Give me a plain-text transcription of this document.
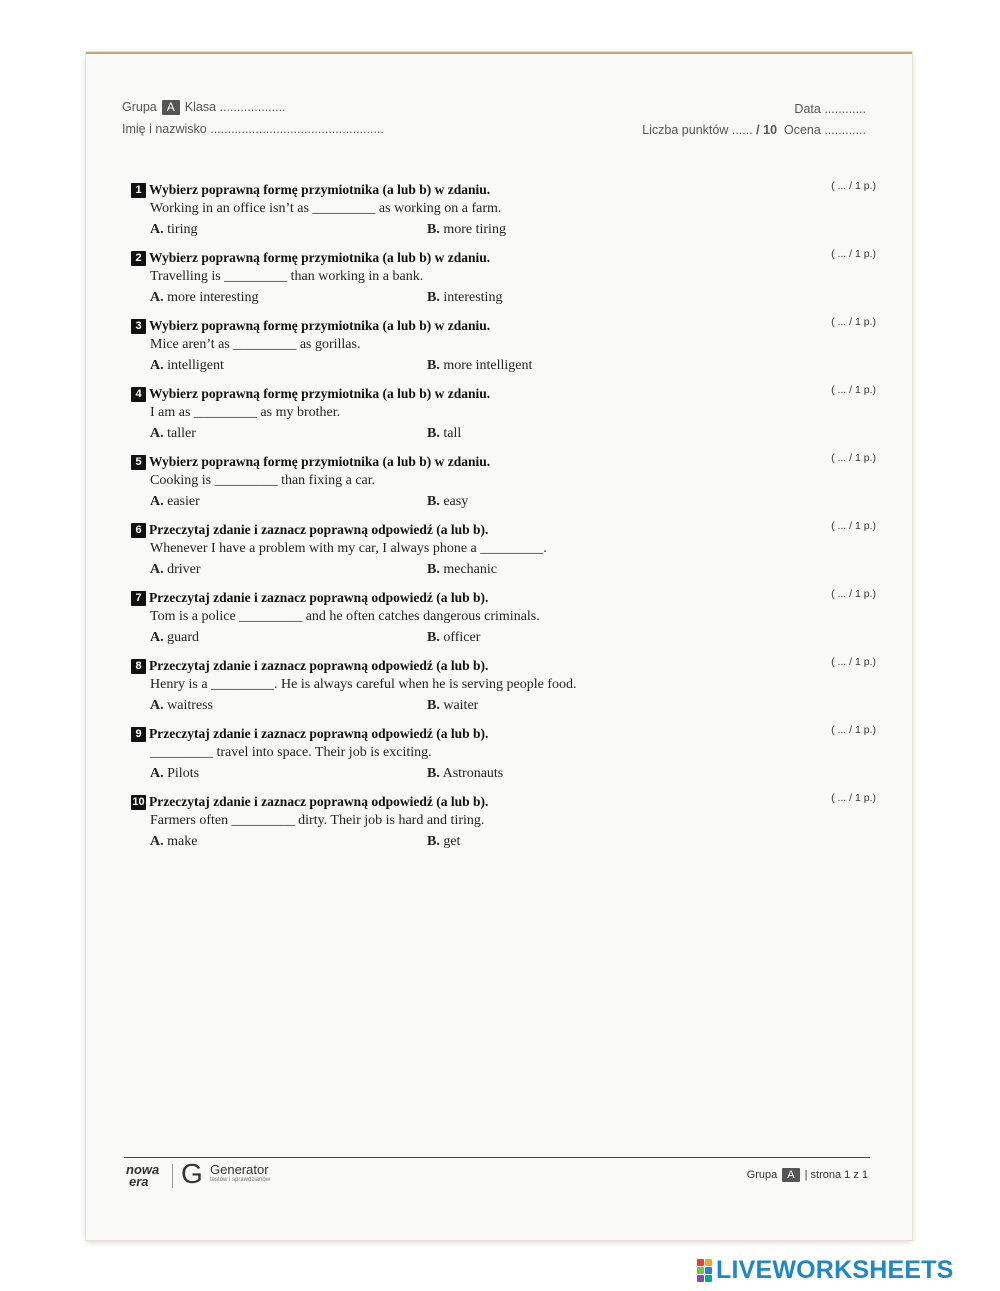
Grupa A Klasa ...................
Imię i nazwisko ..................................................
Data ............
Liczba punktów ...... / 10 Ocena ............
1 Wybierz poprawną formę przymiotnika (a lub b) w zdaniu.	( ... / 1 p.)
Working in an office isn’t as _________ as working on a farm.
A. tiring	B. more tiring
2 Wybierz poprawną formę przymiotnika (a lub b) w zdaniu.	( ... / 1 p.)
Travelling is _________ than working in a bank.
A. more interesting	B. interesting
3 Wybierz poprawną formę przymiotnika (a lub b) w zdaniu.	( ... / 1 p.)
Mice aren’t as _________ as gorillas.
A. intelligent	B. more intelligent
4 Wybierz poprawną formę przymiotnika (a lub b) w zdaniu.	( ... / 1 p.)
I am as _________ as my brother.
A. taller	B. tall
5 Wybierz poprawną formę przymiotnika (a lub b) w zdaniu.	( ... / 1 p.)
Cooking is _________ than fixing a car.
A. easier	B. easy
6 Przeczytaj zdanie i zaznacz poprawną odpowiedź (a lub b).	( ... / 1 p.)
Whenever I have a problem with my car, I always phone a _________.
A. driver	B. mechanic
7 Przeczytaj zdanie i zaznacz poprawną odpowiedź (a lub b).	( ... / 1 p.)
Tom is a police _________ and he often catches dangerous criminals.
A. guard	B. officer
8 Przeczytaj zdanie i zaznacz poprawną odpowiedź (a lub b).	( ... / 1 p.)
Henry is a _________. He is always careful when he is serving people food.
A. waitress	B. waiter
9 Przeczytaj zdanie i zaznacz poprawną odpowiedź (a lub b).	( ... / 1 p.)
_________ travel into space. Their job is exciting.
A. Pilots	B. Astronauts
10 Przeczytaj zdanie i zaznacz poprawną odpowiedź (a lub b).	( ... / 1 p.)
Farmers often _________ dirty. Their job is hard and tiring.
A. make	B. get
nowa
era	G Generator
testów i sprawdzianów	Grupa A | strona 1 z 1
LIVEWORKSHEETS
